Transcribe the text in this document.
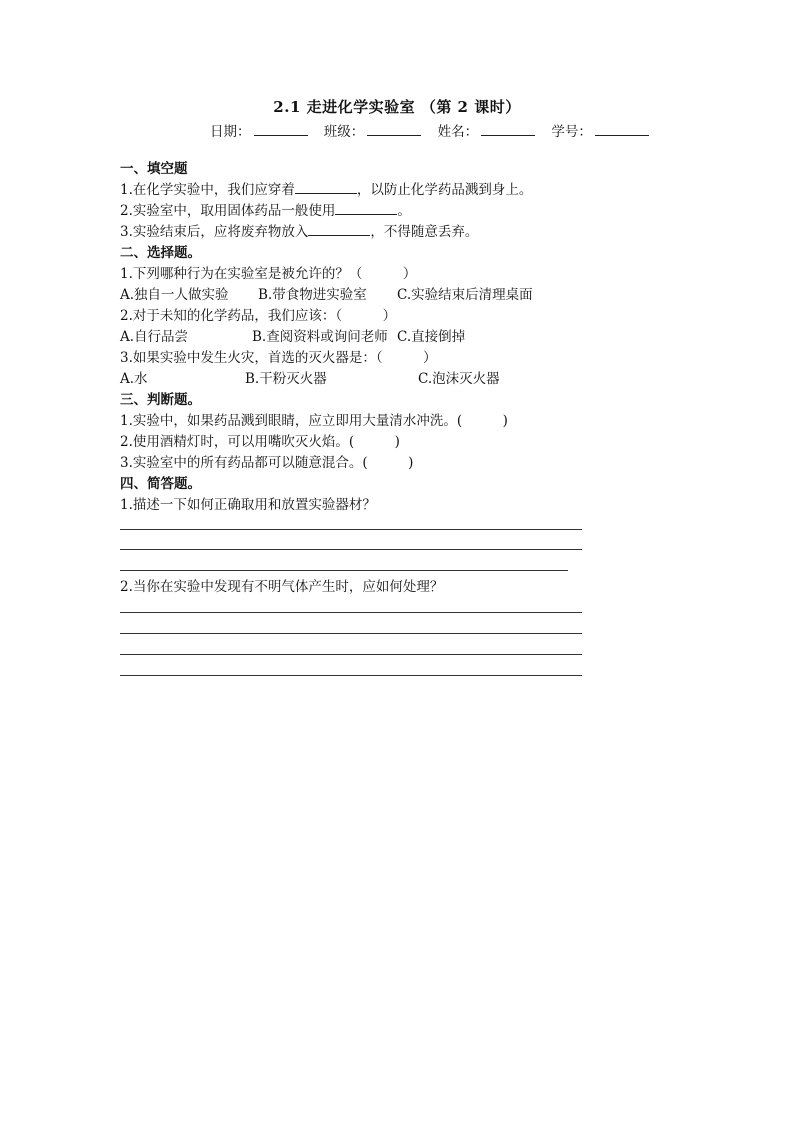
2.1 走进化学实验室 （第 2 课时）
日期：	班级：	姓名：	学号：
一、填空题
1.在化学实验中，我们应穿着	，以防止化学药品溅到身上。
2.实验室中，取用固体药品一般使用	。
3.实验结束后，应将废弃物放入	，不得随意丢弃。
二、选择题。
1.下列哪种行为在实验室是被允许的？（　　　）
A.独自一人做实验 B.带食物进实验室 C.实验结束后清理桌面
2.对于未知的化学药品，我们应该：（　　　）
A.自行品尝	B.查阅资料或询问老师 C.直接倒掉
3.如果实验中发生火灾，首选的灭火器是：（　　　）
A.水	B.干粉灭火器	C.泡沫灭火器
三、判断题。
1.实验中，如果药品溅到眼睛，应立即用大量清水冲洗。(　　　)
2.使用酒精灯时，可以用嘴吹灭火焰。(　　　)
3.实验室中的所有药品都可以随意混合。(　　　)
四、简答题。
1.描述一下如何正确取用和放置实验器材？
2.当你在实验中发现有不明气体产生时，应如何处理？
